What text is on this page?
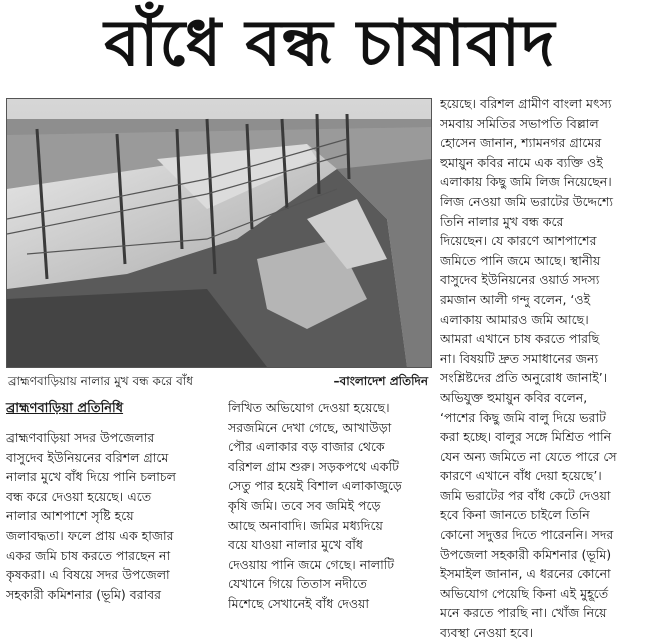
বাঁধে বন্ধ চাষাবাদ
ব্রাহ্মণবাড়িয়ায় নালার মুখ বন্ধ করে বাঁধ	–বাংলাদেশ প্রতিদিন
ব্রাহ্মণবাড়িয়া প্রতিনিধি
ব্রাহ্মণবাড়িয়া সদর উপজেলার
বাসুদেব ইউনিয়নের বরিশল গ্রামে
নালার মুখে বাঁধ দিয়ে পানি চলাচল
বন্ধ করে দেওয়া হয়েছে। এতে
নালার আশপাশে সৃষ্টি হয়ে
জলাবদ্ধতা। ফলে প্রায় এক হাজার
একর জমি চাষ করতে পারছেন না
কৃষকরা। এ বিষয়ে সদর উপজেলা
সহকারী কমিশনার (ভূমি) বরাবর
লিখিত অভিযোগ দেওয়া হয়েছে।
সরজমিনে দেখা গেছে, আখাউড়া
পৌর এলাকার বড় বাজার থেকে
বরিশল গ্রাম শুরু। সড়কপথে একটি
সেতু পার হয়েই বিশাল এলাকাজুড়ে
কৃষি জমি। তবে সব জমিই পড়ে
আছে অনাবাদি। জমির মধ্যদিয়ে
বয়ে যাওয়া নালার মুখে বাঁধ
দেওয়ায় পানি জমে গেছে। নালাটি
যেখানে গিয়ে তিতাস নদীতে
মিশেছে সেখানেই বাঁধ দেওয়া
হয়েছে। বরিশল গ্রামীণ বাংলা মৎস্য
সমবায় সমিতির সভাপতি বিল্লাল
হোসেন জানান, শ্যামনগর গ্রামের
হুমায়ুন কবির নামে এক ব্যক্তি ওই
এলাকায় কিছু জমি লিজ নিয়েছেন।
লিজ নেওয়া জমি ভরাটের উদ্দেশ্যে
তিনি নালার মুখ বন্ধ করে
দিয়েছেন। যে কারণে আশপাশের
জমিতে পানি জমে আছে। স্থানীয়
বাসুদেব ইউনিয়নের ওয়ার্ড সদস্য
রমজান আলী গন্দু বলেন, ‘ওই
এলাকায় আমারও জমি আছে।
আমরা এখানে চাষ করতে পারছি
না। বিষয়টি দ্রুত সমাধানের জন্য
সংশ্লিষ্টদের প্রতি অনুরোধ জানাই’।
অভিযুক্ত হুমায়ুন কবির বলেন,
‘পাশের কিছু জমি বালু দিয়ে ভরাট
করা হচ্ছে। বালুর সঙ্গে মিশ্রিত পানি
যেন অন্য জমিতে না যেতে পারে সে
কারণে এখানে বাঁধ দেয়া হয়েছে’।
জমি ভরাটের পর বাঁধ কেটে দেওয়া
হবে কিনা জানতে চাইলে তিনি
কোনো সদুত্তর দিতে পারেননি। সদর
উপজেলা সহকারী কমিশনার (ভূমি)
ইসমাইল জানান, এ ধরনের কোনো
অভিযোগ পেয়েছি কিনা এই মুহূর্তে
মনে করতে পারছি না। খোঁজ নিয়ে
ব্যবস্থা নেওয়া হবে।
